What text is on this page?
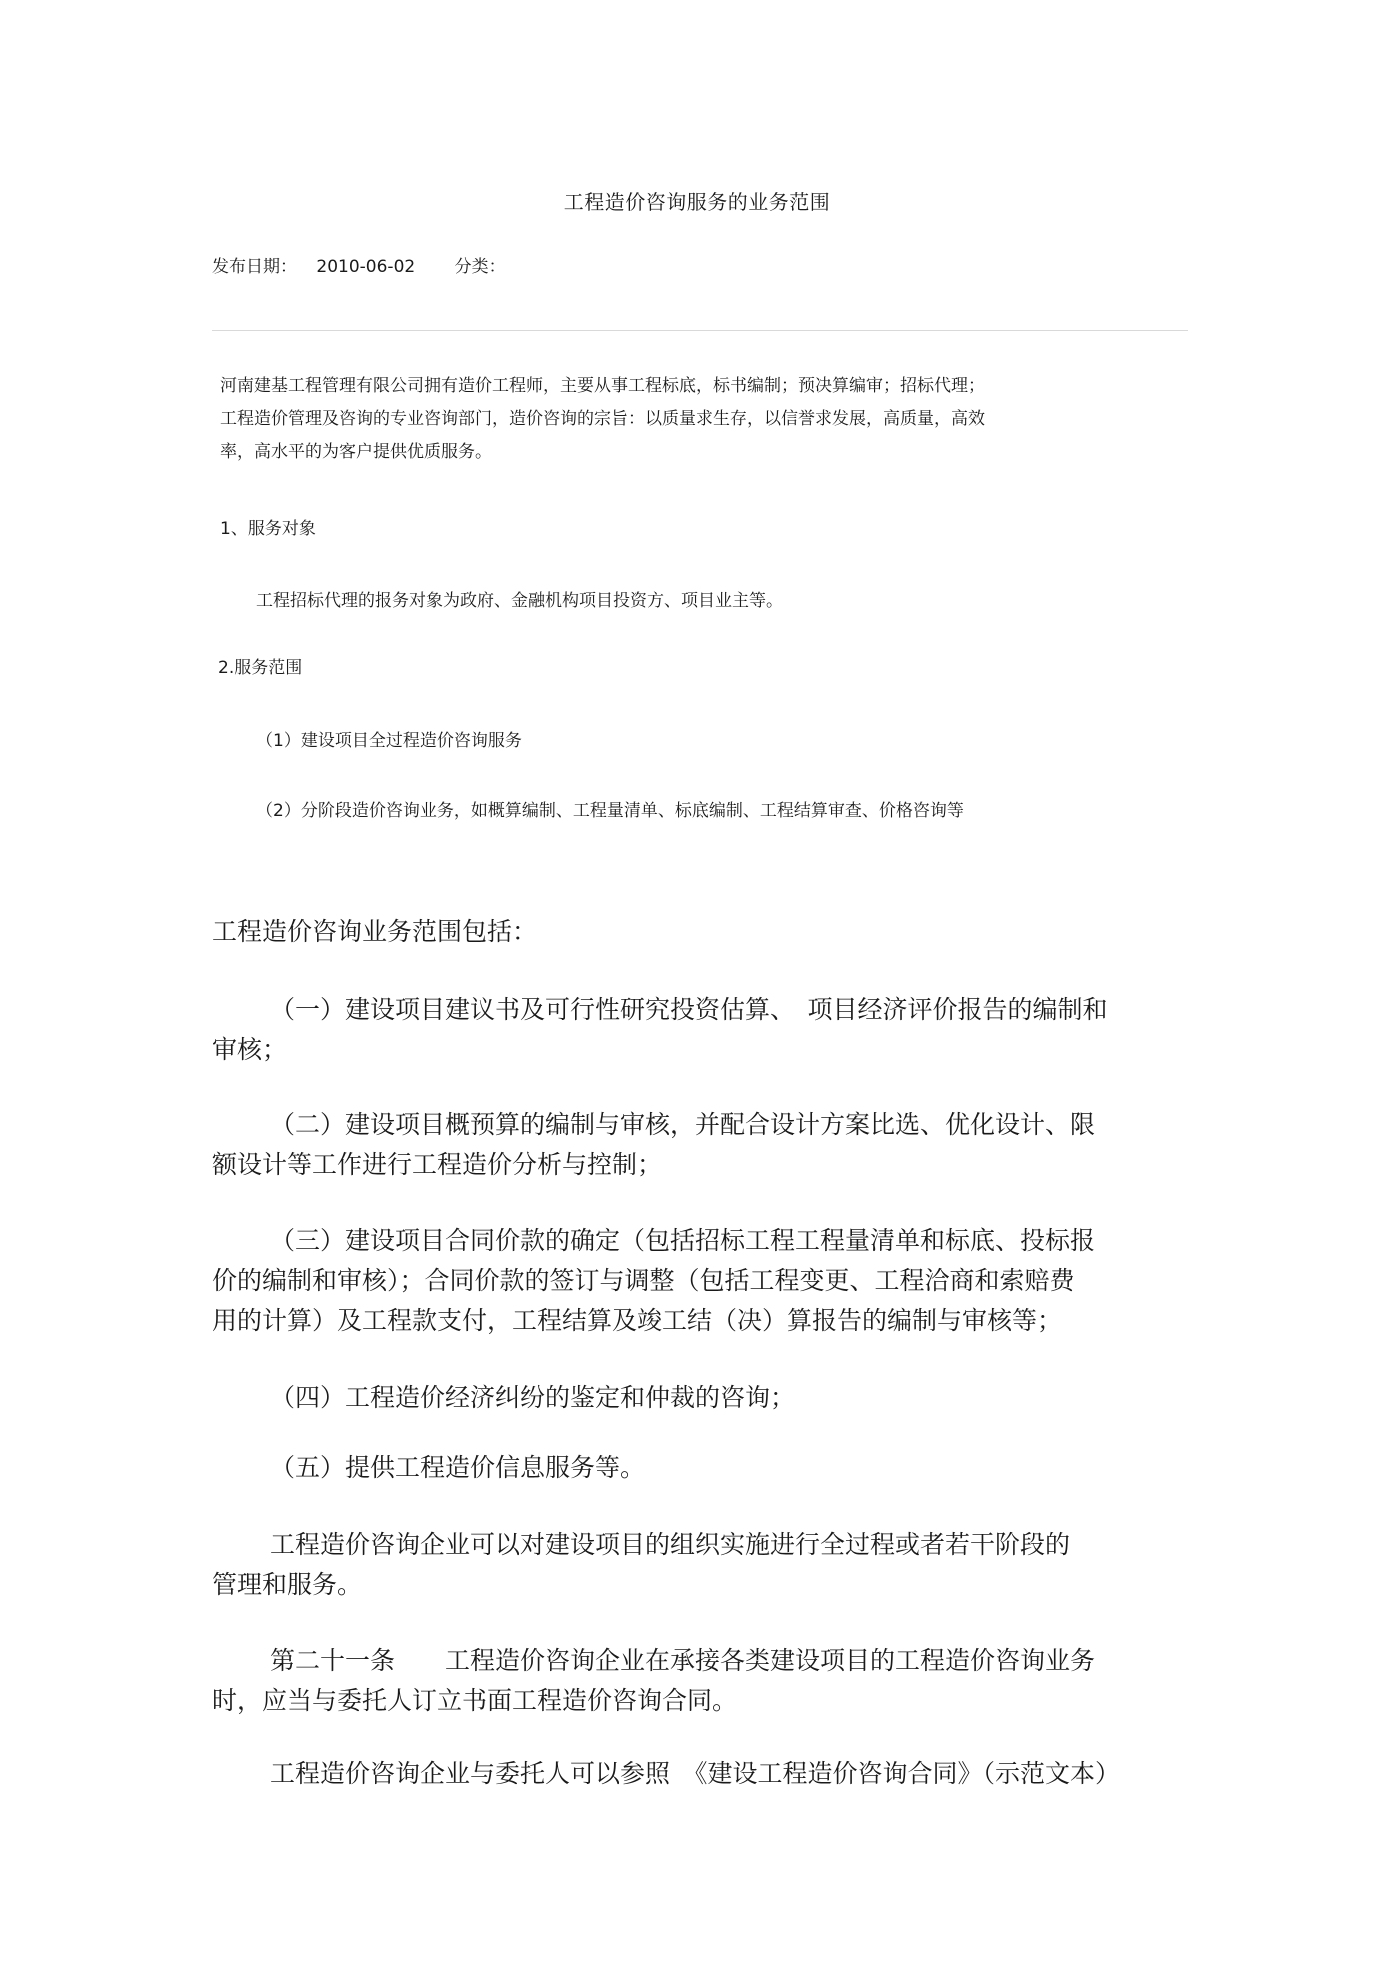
工程造价咨询服务的业务范围
发布日期： 2010-06-02 分类：
河南建基工程管理有限公司拥有造价工程师，主要从事工程标底，标书编制；预决算编审；招标代理；
工程造价管理及咨询的专业咨询部门，造价咨询的宗旨：以质量求生存，以信誉求发展，高质量，高效
率，高水平的为客户提供优质服务。
1、服务对象
工程招标代理的报务对象为政府、金融机构项目投资方、项目业主等。
2.服务范围
（1）建设项目全过程造价咨询服务
（2）分阶段造价咨询业务，如概算编制、工程量清单、标底编制、工程结算审查、价格咨询等
工程造价咨询业务范围包括：
（一）建设项目建议书及可行性研究投资估算、　项目经济评价报告的编制和
审核；
（二）建设项目概预算的编制与审核，并配合设计方案比选、优化设计、限
额设计等工作进行工程造价分析与控制；
（三）建设项目合同价款的确定（包括招标工程工程量清单和标底、投标报
价的编制和审核）；合同价款的签订与调整（包括工程变更、工程洽商和索赔费
用的计算）及工程款支付，工程结算及竣工结（决）算报告的编制与审核等；
（四）工程造价经济纠纷的鉴定和仲裁的咨询；
（五）提供工程造价信息服务等。
工程造价咨询企业可以对建设项目的组织实施进行全过程或者若干阶段的
管理和服务。
第二十一条　　工程造价咨询企业在承接各类建设项目的工程造价咨询业务
时，应当与委托人订立书面工程造价咨询合同。
工程造价咨询企业与委托人可以参照　《建设工程造价咨询合同》（示范文本）
